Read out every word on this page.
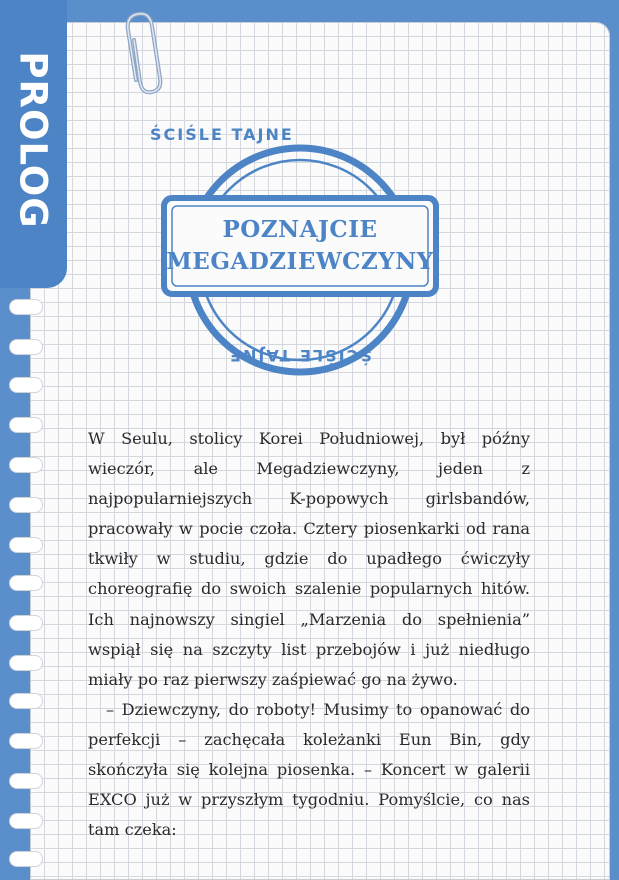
PROLOG	ŚCIŚLE TAJNE
ŚCIŚLE TAJNE
POZNAJCIE
MEGADZIEWCZYNY

W Seulu, stolicy Korei Południowej, był późny wieczór, ale Megadziewczyny, jeden z najpopularniejszych K-popowych girlsbandów, pracowały w pocie czoła. Cztery piosenkarki od rana tkwiły w studiu, gdzie do upadłego ćwiczyły choreografię do swoich szalenie popularnych hitów. Ich najnowszy singiel „Marzenia do spełnienia” wspiął się na szczyty list przebojów i już niedługo miały po raz pierwszy zaśpiewać go na żywo.

– Dziewczyny, do roboty! Musimy to opanować do perfekcji – zachęcała koleżanki Eun Bin, gdy skończyła się kolejna piosenka. – Koncert w galerii EXCO już w przyszłym tygodniu. Pomyślcie, co nas tam czeka:
